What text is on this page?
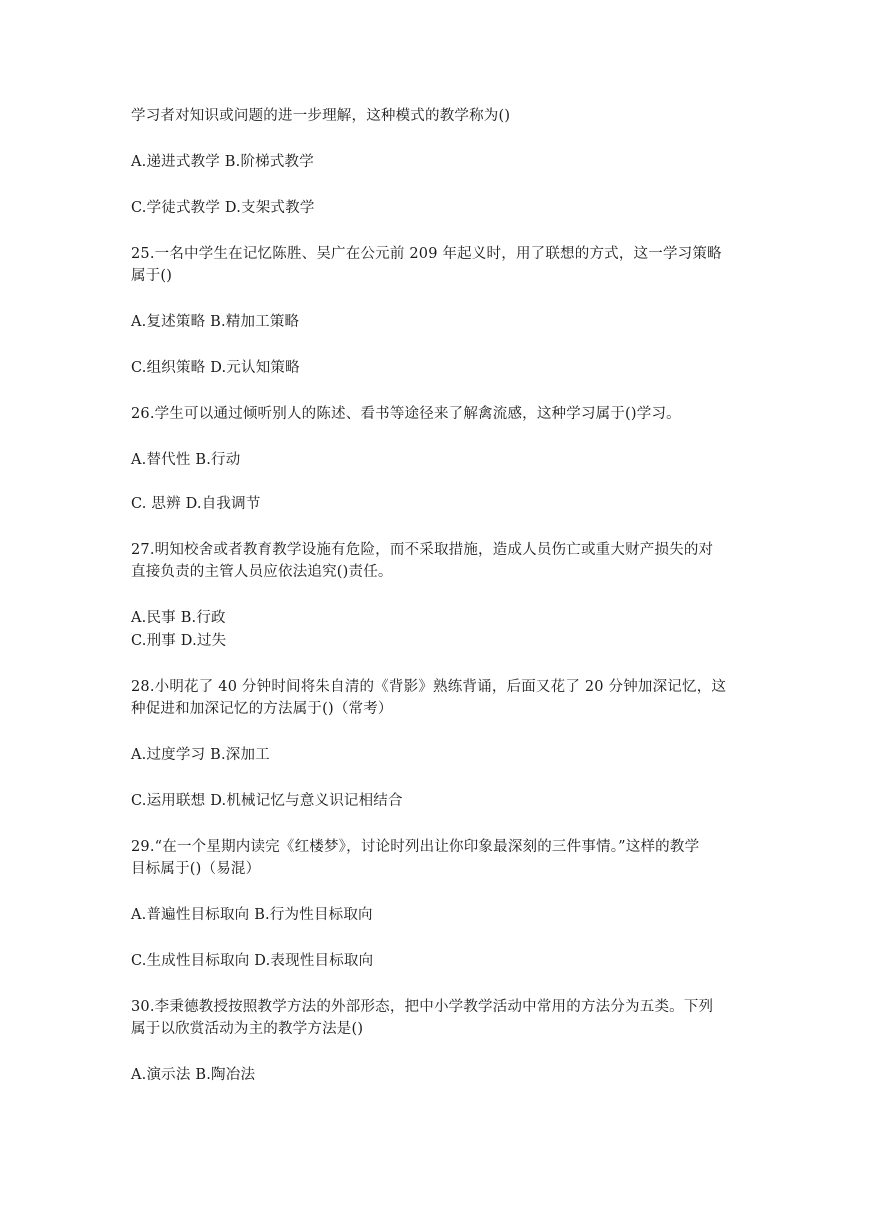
学习者对知识或问题的进一步理解，这种模式的教学称为()
A.递进式教学 B.阶梯式教学
C.学徒式教学 D.支架式教学
25.一名中学生在记忆陈胜、吴广在公元前 209 年起义时，用了联想的方式，这一学习策略
属于()
A.复述策略 B.精加工策略
C.组织策略 D.元认知策略
26.学生可以通过倾听别人的陈述、看书等途径来了解禽流感，这种学习属于()学习。
A.替代性 B.行动
C. 思辨 D.自我调节
27.明知校舍或者教育教学设施有危险，而不采取措施，造成人员伤亡或重大财产损失的对
直接负责的主管人员应依法追究()责任。
A.民事 B.行政
C.刑事 D.过失
28.小明花了 40 分钟时间将朱自清的《背影》熟练背诵，后面又花了 20 分钟加深记忆，这
种促进和加深记忆的方法属于()（常考）
A.过度学习 B.深加工
C.运用联想 D.机械记忆与意义识记相结合
29.“在一个星期内读完《红楼梦》，讨论时列出让你印象最深刻的三件事情。”这样的教学
目标属于()（易混）
A.普遍性目标取向 B.行为性目标取向
C.生成性目标取向 D.表现性目标取向
30.李秉德教授按照教学方法的外部形态，把中小学教学活动中常用的方法分为五类。下列
属于以欣赏活动为主的教学方法是()
A.演示法 B.陶冶法
